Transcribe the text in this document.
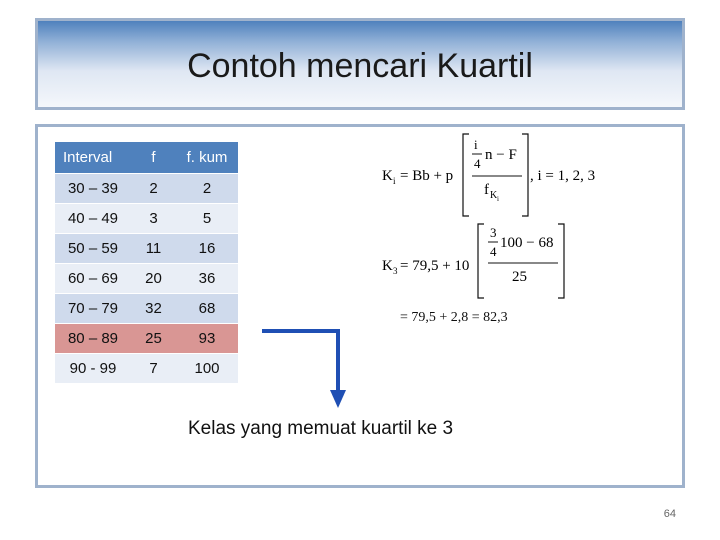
Contoh mencari Kuartil
Interval	f	f. kum
30 – 39	2	2
40 – 49	3	5
50 – 59	11	16
60 – 69	20	36
70 – 79	32	68
80 – 89	25	93
90 - 99	7	100
K i = Bb + p
i
4
n − F
f K i
, i = 1, 2, 3
K 3 = 79,5 + 10
3
4
100 − 68
25
= 79,5 + 2,8 = 82,3
Kelas yang memuat kuartil ke 3
64
